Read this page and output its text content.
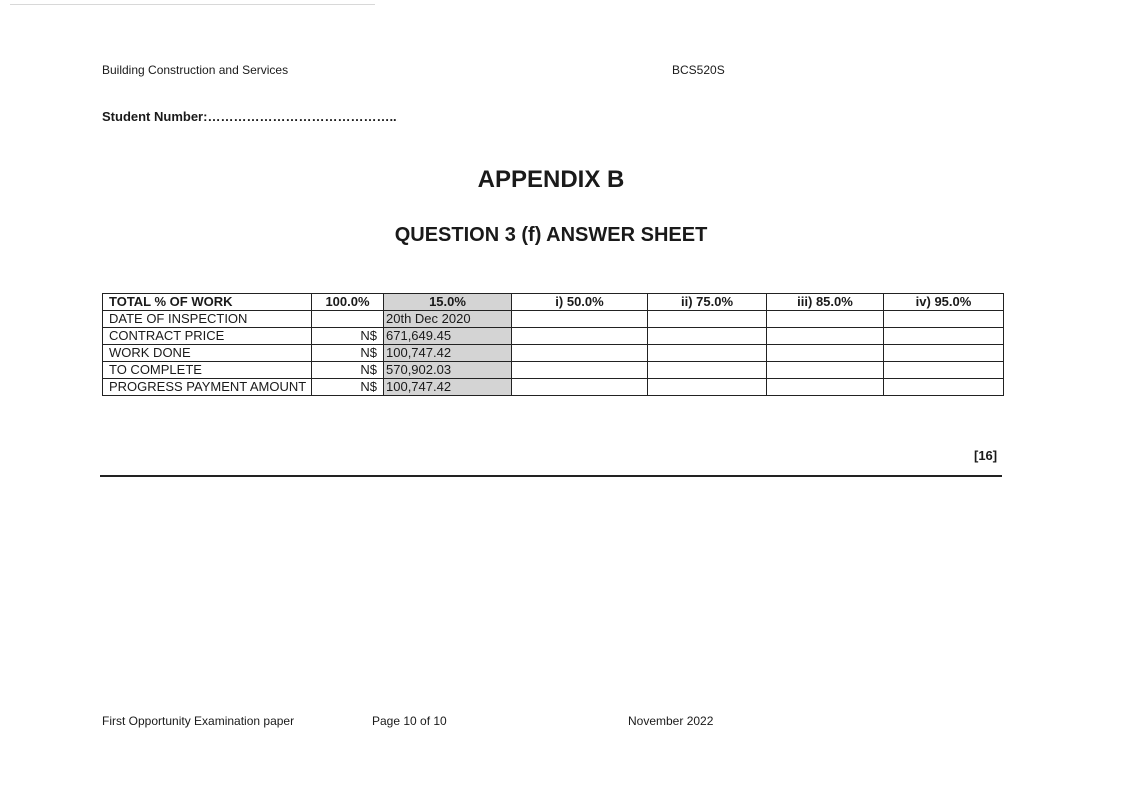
Building Construction and Services	BCS520S
Student Number:……………………………………..
APPENDIX B
QUESTION 3 (f) ANSWER SHEET
TOTAL % OF WORK	100.0%	15.0%	i) 50.0%	ii) 75.0%	iii) 85.0%	iv) 95.0%
DATE OF INSPECTION		20th Dec 2020				
CONTRACT PRICE	N$	671,649.45				
WORK DONE	N$	100,747.42				
TO COMPLETE	N$	570,902.03				
PROGRESS PAYMENT AMOUNT	N$	100,747.42				
[16]
First Opportunity Examination paper	Page 10 of 10	November 2022
